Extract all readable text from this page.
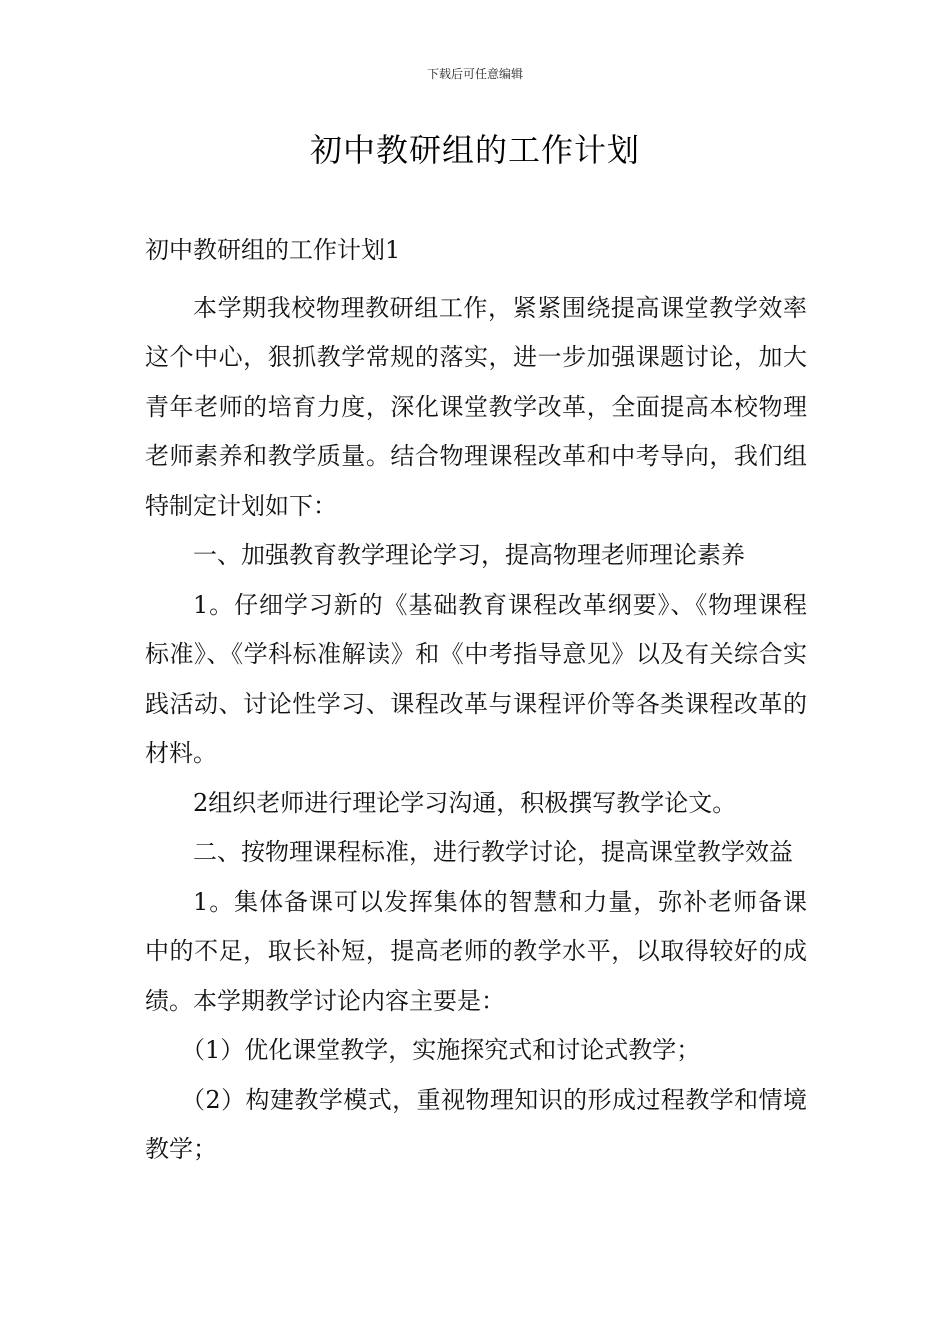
下载后可任意编辑
初中教研组的工作计划

初中教研组的工作计划1

本学期我校物理教研组工作，紧紧围绕提高课堂教学效率这个中心，狠抓教学常规的落实，进一步加强课题讨论，加大青年老师的培育力度，深化课堂教学改革，全面提高本校物理老师素养和教学质量。结合物理课程改革和中考导向，我们组特制定计划如下：

一、加强教育教学理论学习，提高物理老师理论素养

1。仔细学习新的《基础教育课程改革纲要》、《物理课程标准》、《学科标准解读》和《中考指导意见》以及有关综合实践活动、讨论性学习、课程改革与课程评价等各类课程改革的材料。

2组织老师进行理论学习沟通，积极撰写教学论文。

二、按物理课程标准，进行教学讨论，提高课堂教学效益

1。集体备课可以发挥集体的智慧和力量，弥补老师备课中的不足，取长补短，提高老师的教学水平，以取得较好的成绩。本学期教学讨论内容主要是：

（1）优化课堂教学，实施探究式和讨论式教学；

（2）构建教学模式，重视物理知识的形成过程教学和情境教学；
